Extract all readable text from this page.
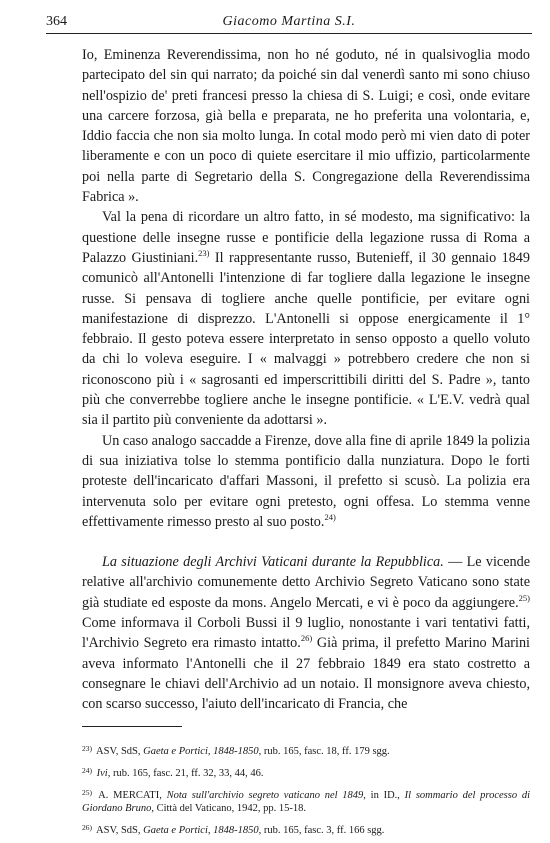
364	Giacomo Martina S.I.

Io, Eminenza Reverendissima, non ho né goduto, né in qualsivoglia modo partecipato del sin qui narrato; da poiché sin dal venerdì santo mi sono chiuso nell'ospizio de' preti francesi presso la chiesa di S. Luigi; e così, onde evitare una carcere forzosa, già bella e preparata, ne ho preferita una volontaria, e, Iddio faccia che non sia molto lunga. In cotal modo però mi vien dato di poter liberamente e con un poco di quiete esercitare il mio uffizio, particolarmente poi nella parte di Segretario della S. Congregazione della Reverendissima Fabrica ».

Val la pena di ricordare un altro fatto, in sé modesto, ma significativo: la questione delle insegne russe e pontificie della legazione russa di Roma a Palazzo Giustiniani.$^{23)}$ Il rappresentante russo, Butenieff, il 30 gennaio 1849 comunicò all'Antonelli l'intenzione di far togliere dalla legazione le insegne russe. Si pensava di togliere anche quelle pontificie, per evitare ogni manifestazione di disprezzo. L'Antonelli si oppose energicamente il 1° febbraio. Il gesto poteva essere interpretato in senso opposto a quello voluto da chi lo voleva eseguire. I « malvaggi » potrebbero credere che non si riconoscono più i « sagrosanti ed imperscrittibili diritti del S. Padre », tanto più che converrebbe togliere anche le insegne pontificie. « L'E.V. vedrà qual sia il partito più conveniente da adottarsi ».

Un caso analogo saccadde a Firenze, dove alla fine di aprile 1849 la polizia di sua iniziativa tolse lo stemma pontificio dalla nunziatura. Dopo le forti proteste dell'incaricato d'affari Massoni, il prefetto si scusò. La polizia era intervenuta solo per evitare ogni pretesto, ogni offesa. Lo stemma venne effettivamente rimesso presto al suo posto.$^{24)}$

La situazione degli Archivi Vaticani durante la Repubblica. — Le vicende relative all'archivio comunemente detto Archivio Segreto Vaticano sono state già studiate ed esposte da mons. Angelo Mercati, e vi è poco da aggiungere.$^{25)}$ Come informava il Corboli Bussi il 9 luglio, nonostante i vari tentativi fatti, l'Archivio Segreto era rimasto intatto.$^{26)}$ Già prima, il prefetto Marino Marini aveva informato l'Antonelli che il 27 febbraio 1849 era stato costretto a consegnare le chiavi dell'Archivio ad un notaio. Il monsignore aveva chiesto, con scarso successo, l'aiuto dell'incaricato di Francia, che

$^{23)}$ ASV, SdS, Gaeta e Portici, 1848-1850, rub. 165, fasc. 18, ff. 179 sgg.
$^{24)}$ Ivi, rub. 165, fasc. 21, ff. 32, 33, 44, 46.
$^{25)}$ A. MERCATI, Nota sull'archivio segreto vaticano nel 1849, in ID., Il sommario del processo di Giordano Bruno, Città del Vaticano, 1942, pp. 15-18.
$^{26)}$ ASV, SdS, Gaeta e Portici, 1848-1850, rub. 165, fasc. 3, ff. 166 sgg.
